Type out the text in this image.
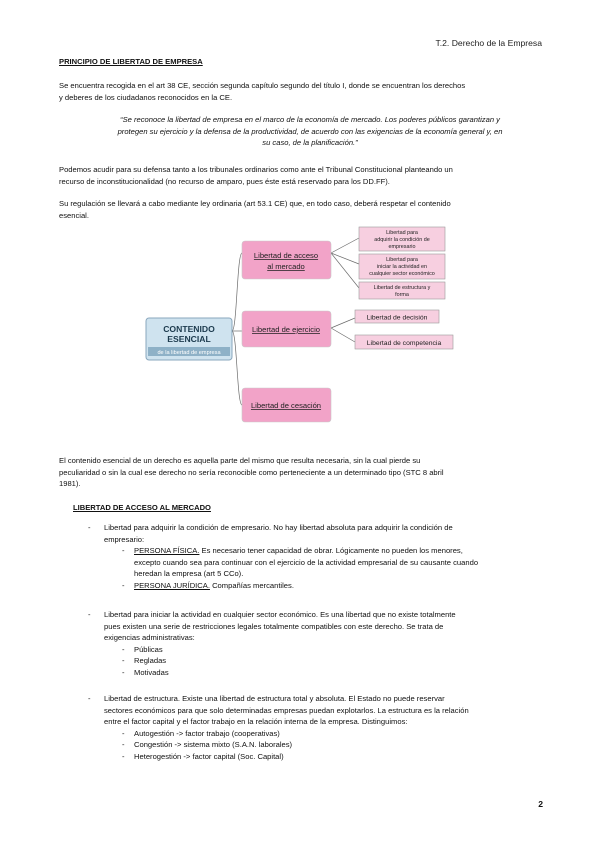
T.2. Derecho de la Empresa
PRINCIPIO DE LIBERTAD DE EMPRESA
Se encuentra recogida en el art 38 CE, sección segunda capítulo segundo del título I, donde se encuentran los derechos
y deberes de los ciudadanos reconocidos en la CE.
“Se reconoce la libertad de empresa en el marco de la economía de mercado. Los poderes públicos garantizan y
protegen su ejercicio y la defensa de la productividad, de acuerdo con las exigencias de la economía general y, en
su caso, de la planificación.”
Podemos acudir para su defensa tanto a los tribunales ordinarios como ante el Tribunal Constitucional planteando un
recurso de inconstitucionalidad (no recurso de amparo, pues éste está reservado para los DD.FF).
Su regulación se llevará a cabo mediante ley ordinaria (art 53.1 CE) que, en todo caso, deberá respetar el contenido
esencial.
CONTENIDO
ESENCIAL
de la libertad de empresa
Libertad de acceso
al mercado
Libertad de ejercicio
Libertad de cesación
Libertad para
adquirir la condición de
empresario
Libertad para
iniciar la actividad en
cualquier sector económico
Libertad de estructura y
forma
Libertad de decisión
Libertad de competencia
El contenido esencial de un derecho es aquella parte del mismo que resulta necesaria, sin la cual pierde su
peculiaridad o sin la cual ese derecho no sería reconocible como perteneciente a un determinado tipo (STC 8 abril
1981).
LIBERTAD DE ACCESO AL MERCADO
- Libertad para adquirir la condición de empresario. No hay libertad absoluta para adquirir la condición de
empresario:
- PERSONA FÍSICA. Es necesario tener capacidad de obrar. Lógicamente no pueden los menores,
excepto cuando sea para continuar con el ejercicio de la actividad empresarial de su causante cuando
heredan la empresa (art 5 CCo).
- PERSONA JURÍDICA. Compañías mercantiles.
- Libertad para iniciar la actividad en cualquier sector económico. Es una libertad que no existe totalmente
pues existen una serie de restricciones legales totalmente compatibles con este derecho. Se trata de
exigencias administrativas:
- Públicas
- Regladas
- Motivadas
- Libertad de estructura. Existe una libertad de estructura total y absoluta. El Estado no puede reservar
sectores económicos para que solo determinadas empresas puedan explotarlos. La estructura es la relación
entre el factor capital y el factor trabajo en la relación interna de la empresa. Distinguimos:
- Autogestión -> factor trabajo (cooperativas)
- Congestión -> sistema mixto (S.A.N. laborales)
- Heterogestión -> factor capital (Soc. Capital)
2
